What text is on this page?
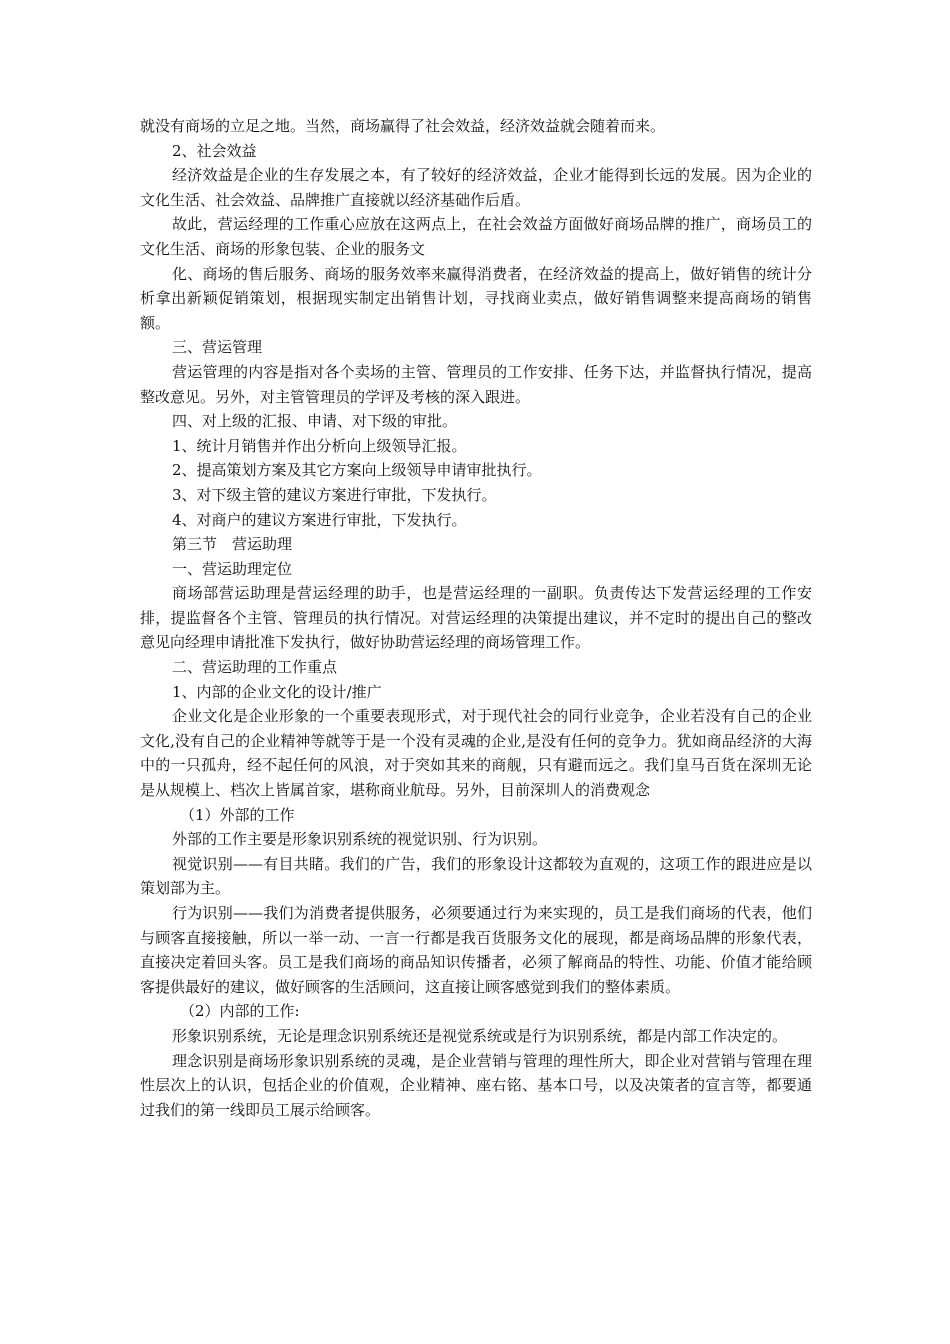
就没有商场的立足之地。当然，商场赢得了社会效益，经济效益就会随着而来。

2、社会效益

经济效益是企业的生存发展之本，有了较好的经济效益，企业才能得到长远的发展。因为企业的文化生活、社会效益、品牌推广直接就以经济基础作后盾。

故此，营运经理的工作重心应放在这两点上，在社会效益方面做好商场品牌的推广，商场员工的文化生活、商场的形象包装、企业的服务文

化、商场的售后服务、商场的服务效率来赢得消费者，在经济效益的提高上，做好销售的统计分析拿出新颖促销策划，根据现实制定出销售计划，寻找商业卖点，做好销售调整来提高商场的销售额。

三、营运管理

营运管理的内容是指对各个卖场的主管、管理员的工作安排、任务下达，并监督执行情况，提高整改意见。另外，对主管管理员的学评及考核的深入跟进。

四、对上级的汇报、申请、对下级的审批。

1、统计月销售并作出分析向上级领导汇报。

2、提高策划方案及其它方案向上级领导申请审批执行。

3、对下级主管的建议方案进行审批，下发执行。

4、对商户的建议方案进行审批，下发执行。

第三节　营运助理

一、营运助理定位

商场部营运助理是营运经理的助手，也是营运经理的一副职。负责传达下发营运经理的工作安排，提监督各个主管、管理员的执行情况。对营运经理的决策提出建议，并不定时的提出自己的整改意见向经理申请批准下发执行，做好协助营运经理的商场管理工作。

二、营运助理的工作重点

1、内部的企业文化的设计/推广

企业文化是企业形象的一个重要表现形式，对于现代社会的同行业竞争，企业若没有自己的企业文化,没有自己的企业精神等就等于是一个没有灵魂的企业,是没有任何的竞争力。犹如商品经济的大海中的一只孤舟，经不起任何的风浪，对于突如其来的商舰，只有避而远之。我们皇马百货在深圳无论是从规模上、档次上皆属首家，堪称商业航母。另外，目前深圳人的消费观念

（1）外部的工作

外部的工作主要是形象识别系统的视觉识别、行为识别。

视觉识别——有目共睹。我们的广告，我们的形象设计这都较为直观的，这项工作的跟进应是以策划部为主。

行为识别——我们为消费者提供服务，必须要通过行为来实现的，员工是我们商场的代表，他们与顾客直接接触，所以一举一动、一言一行都是我百货服务文化的展现，都是商场品牌的形象代表，直接决定着回头客。员工是我们商场的商品知识传播者，必须了解商品的特性、功能、价值才能给顾客提供最好的建议，做好顾客的生活顾问，这直接让顾客感觉到我们的整体素质。

（2）内部的工作:

形象识别系统，无论是理念识别系统还是视觉系统或是行为识别系统，都是内部工作决定的。

理念识别是商场形象识别系统的灵魂，是企业营销与管理的理性所大，即企业对营销与管理在理性层次上的认识，包括企业的价值观，企业精神、座右铭、基本口号，以及决策者的宣言等，都要通过我们的第一线即员工展示给顾客。
